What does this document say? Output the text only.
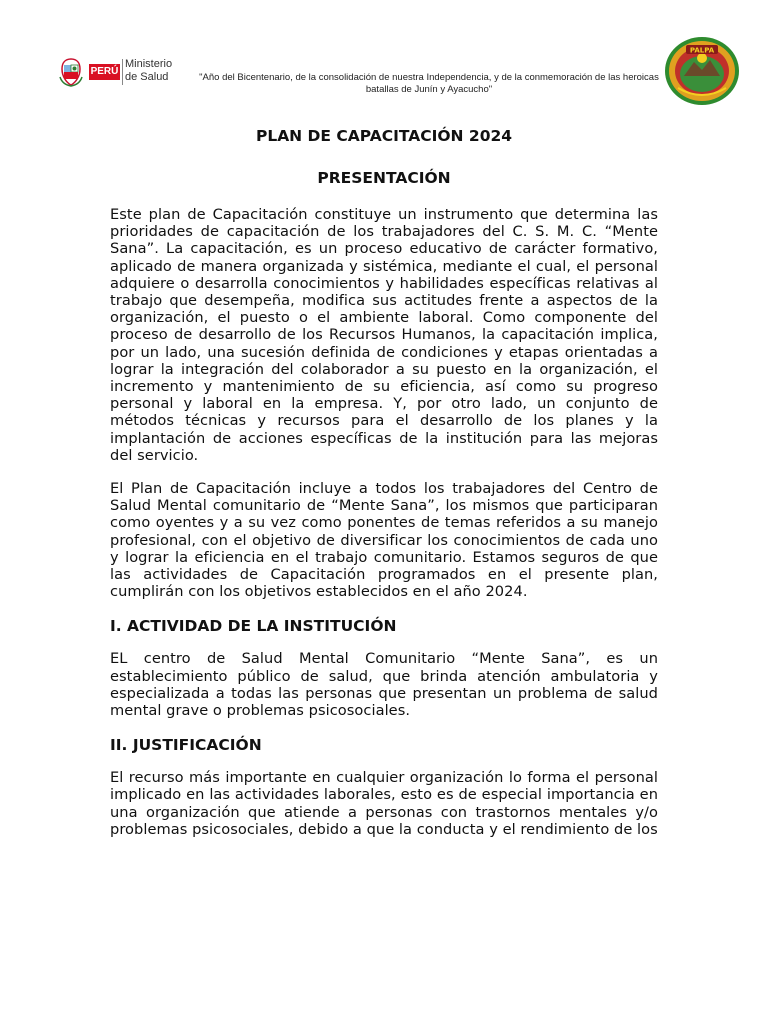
PERÚ
Ministerio
de Salud	"Año del Bicentenario, de la consolidación de nuestra Independencia, y de la conmemoración de las heroicas batallas de Junín y Ayacucho"
PALPA
PLAN DE CAPACITACIÓN 2024
PRESENTACIÓN

Este plan de Capacitación constituye un instrumento que determina las prioridades de capacitación de los trabajadores del C. S. M. C. “Mente Sana”. La capacitación, es un proceso educativo de carácter formativo, aplicado de manera organizada y sistémica, mediante el cual, el personal adquiere o desarrolla conocimientos y habilidades específicas relativas al trabajo que desempeña, modifica sus actitudes frente a aspectos de la organización, el puesto o el ambiente laboral. Como componente del proceso de desarrollo de los Recursos Humanos, la capacitación implica, por un lado, una sucesión definida de condiciones y etapas orientadas a lograr la integración del colaborador a su puesto en la organización, el incremento y mantenimiento de su eficiencia, así como su progreso personal y laboral en la empresa. Y, por otro lado, un conjunto de métodos técnicas y recursos para el desarrollo de los planes y la implantación de acciones específicas de la institución para las mejoras del servicio.

El Plan de Capacitación incluye a todos los trabajadores del Centro de Salud Mental comunitario de “Mente Sana”, los mismos que participaran como oyentes y a su vez como ponentes de temas referidos a su manejo profesional, con el objetivo de diversificar los conocimientos de cada uno y lograr la eficiencia en el trabajo comunitario. Estamos seguros de que las actividades de Capacitación programados en el presente plan, cumplirán con los objetivos establecidos en el año 2024.

I. ACTIVIDAD DE LA INSTITUCIÓN

EL centro de Salud Mental Comunitario “Mente Sana”, es un establecimiento público de salud, que brinda atención ambulatoria y especializada a todas las personas que presentan un problema de salud mental grave o problemas psicosociales.

II. JUSTIFICACIÓN

El recurso más importante en cualquier organización lo forma el personal implicado en las actividades laborales, esto es de especial importancia en una organización que atiende a personas con trastornos mentales y/o problemas psicosociales, debido a que la conducta y el rendimiento de los
